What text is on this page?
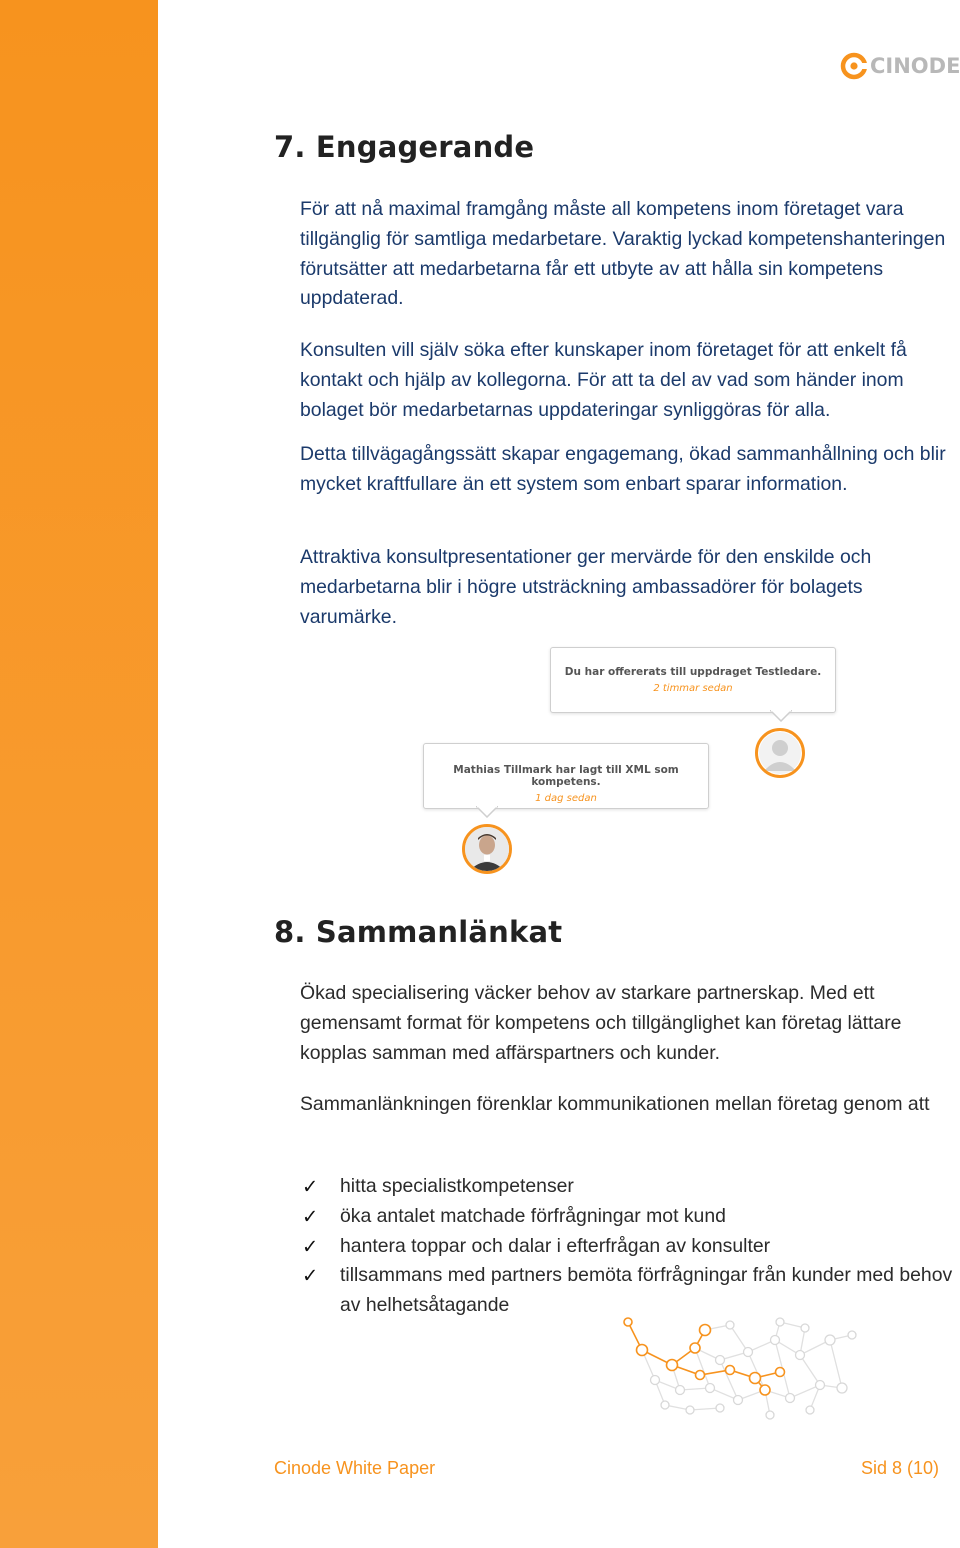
CINODE
7. Engagerande

För att nå maximal framgång måste all kompetens inom företaget vara tillgänglig för samtliga medarbetare. Varaktig lyckad kompetenshanteringen förutsätter att medarbetarna får ett utbyte av att hålla sin kompetens uppdaterad.

Konsulten vill själv söka efter kunskaper inom företaget för att enkelt få kontakt och hjälp av kollegorna. För att ta del av vad som händer inom bolaget bör medarbetarnas uppdateringar synliggöras för alla.

Detta tillvägagångssätt skapar engagemang, ökad sammanhållning och blir mycket kraftfullare än ett system som enbart sparar information.

Attraktiva konsultpresentationer ger mervärde för den enskilde och medarbetarna blir i högre utsträckning ambassadörer för bolagets varumärke.

Du har offererats till uppdraget Testledare.
2 timmar sedan
Mathias Tillmark har lagt till XML som kompetens.
1 dag sedan
8. Sammanlänkat

Ökad specialisering väcker behov av starkare partnerskap. Med ett gemensamt format för kompetens och tillgänglighet kan företag lättare kopplas samman med affärspartners och kunder.

Sammanlänkningen förenklar kommunikationen mellan företag genom att

✓ hitta specialistkompetenser
✓ öka antalet matchade förfrågningar mot kund
✓ hantera toppar och dalar i efterfrågan av konsulter
✓ tillsammans med partners bemöta förfrågningar från kunder med behov av helhetsåtagande
Cinode White Paper	Sid 8 (10)
